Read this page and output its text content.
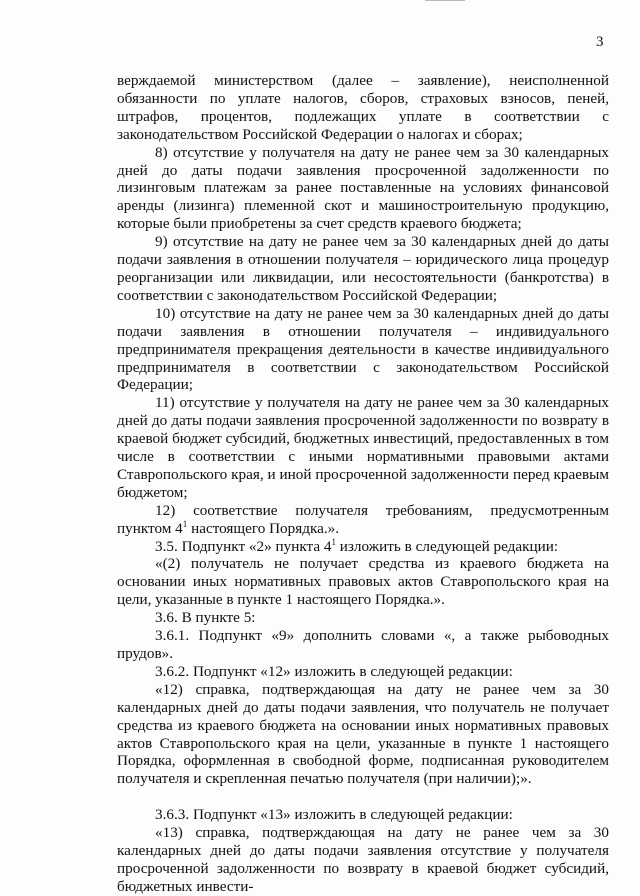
3

верждаемой министерством (далее – заявление), неисполненной обязанности по уплате налогов, сборов, страховых взносов, пеней, штрафов, процентов, подлежащих уплате в соответствии с законодательством Российской Федерации о налогах и сборах;

8) отсутствие у получателя на дату не ранее чем за 30 календарных дней до даты подачи заявления просроченной задолженности по лизинговым платежам за ранее поставленные на условиях финансовой аренды (лизинга) племенной скот и машиностроительную продукцию, которые были приобретены за счет средств краевого бюджета;

9) отсутствие на дату не ранее чем за 30 календарных дней до даты подачи заявления в отношении получателя – юридического лица процедур реорганизации или ликвидации, или несостоятельности (банкротства) в соответствии с законодательством Российской Федерации;

10) отсутствие на дату не ранее чем за 30 календарных дней до даты подачи заявления в отношении получателя – индивидуального предпринимателя прекращения деятельности в качестве индивидуального предпринимателя в соответствии с законодательством Российской Федерации;

11) отсутствие у получателя на дату не ранее чем за 30 календарных дней до даты подачи заявления просроченной задолженности по возврату в краевой бюджет субсидий, бюджетных инвестиций, предоставленных в том числе в соответствии с иными нормативными правовыми актами Ставропольского края, и иной просроченной задолженности перед краевым бюджетом;

12) соответствие получателя требованиям, предусмотренным пунктом $4^1$ настоящего Порядка.».

3.5. Подпункт «2» пункта $4^1$ изложить в следующей редакции:

«(2) получатель не получает средства из краевого бюджета на основании иных нормативных правовых актов Ставропольского края на цели, указанные в пункте 1 настоящего Порядка.».

3.6. В пункте 5:

3.6.1. Подпункт «9» дополнить словами «, а также рыбоводных прудов».

3.6.2. Подпункт «12» изложить в следующей редакции:

«12) справка, подтверждающая на дату не ранее чем за 30 календарных дней до даты подачи заявления, что получатель не получает средства из краевого бюджета на основании иных нормативных правовых актов Ставропольского края на цели, указанные в пункте 1 настоящего Порядка, оформленная в свободной форме, подписанная руководителем получателя и скрепленная печатью получателя (при наличии);».

3.6.3. Подпункт «13» изложить в следующей редакции:

«13) справка, подтверждающая на дату не ранее чем за 30 календарных дней до даты подачи заявления отсутствие у получателя просроченной задолженности по возврату в краевой бюджет субсидий, бюджетных инвести-
